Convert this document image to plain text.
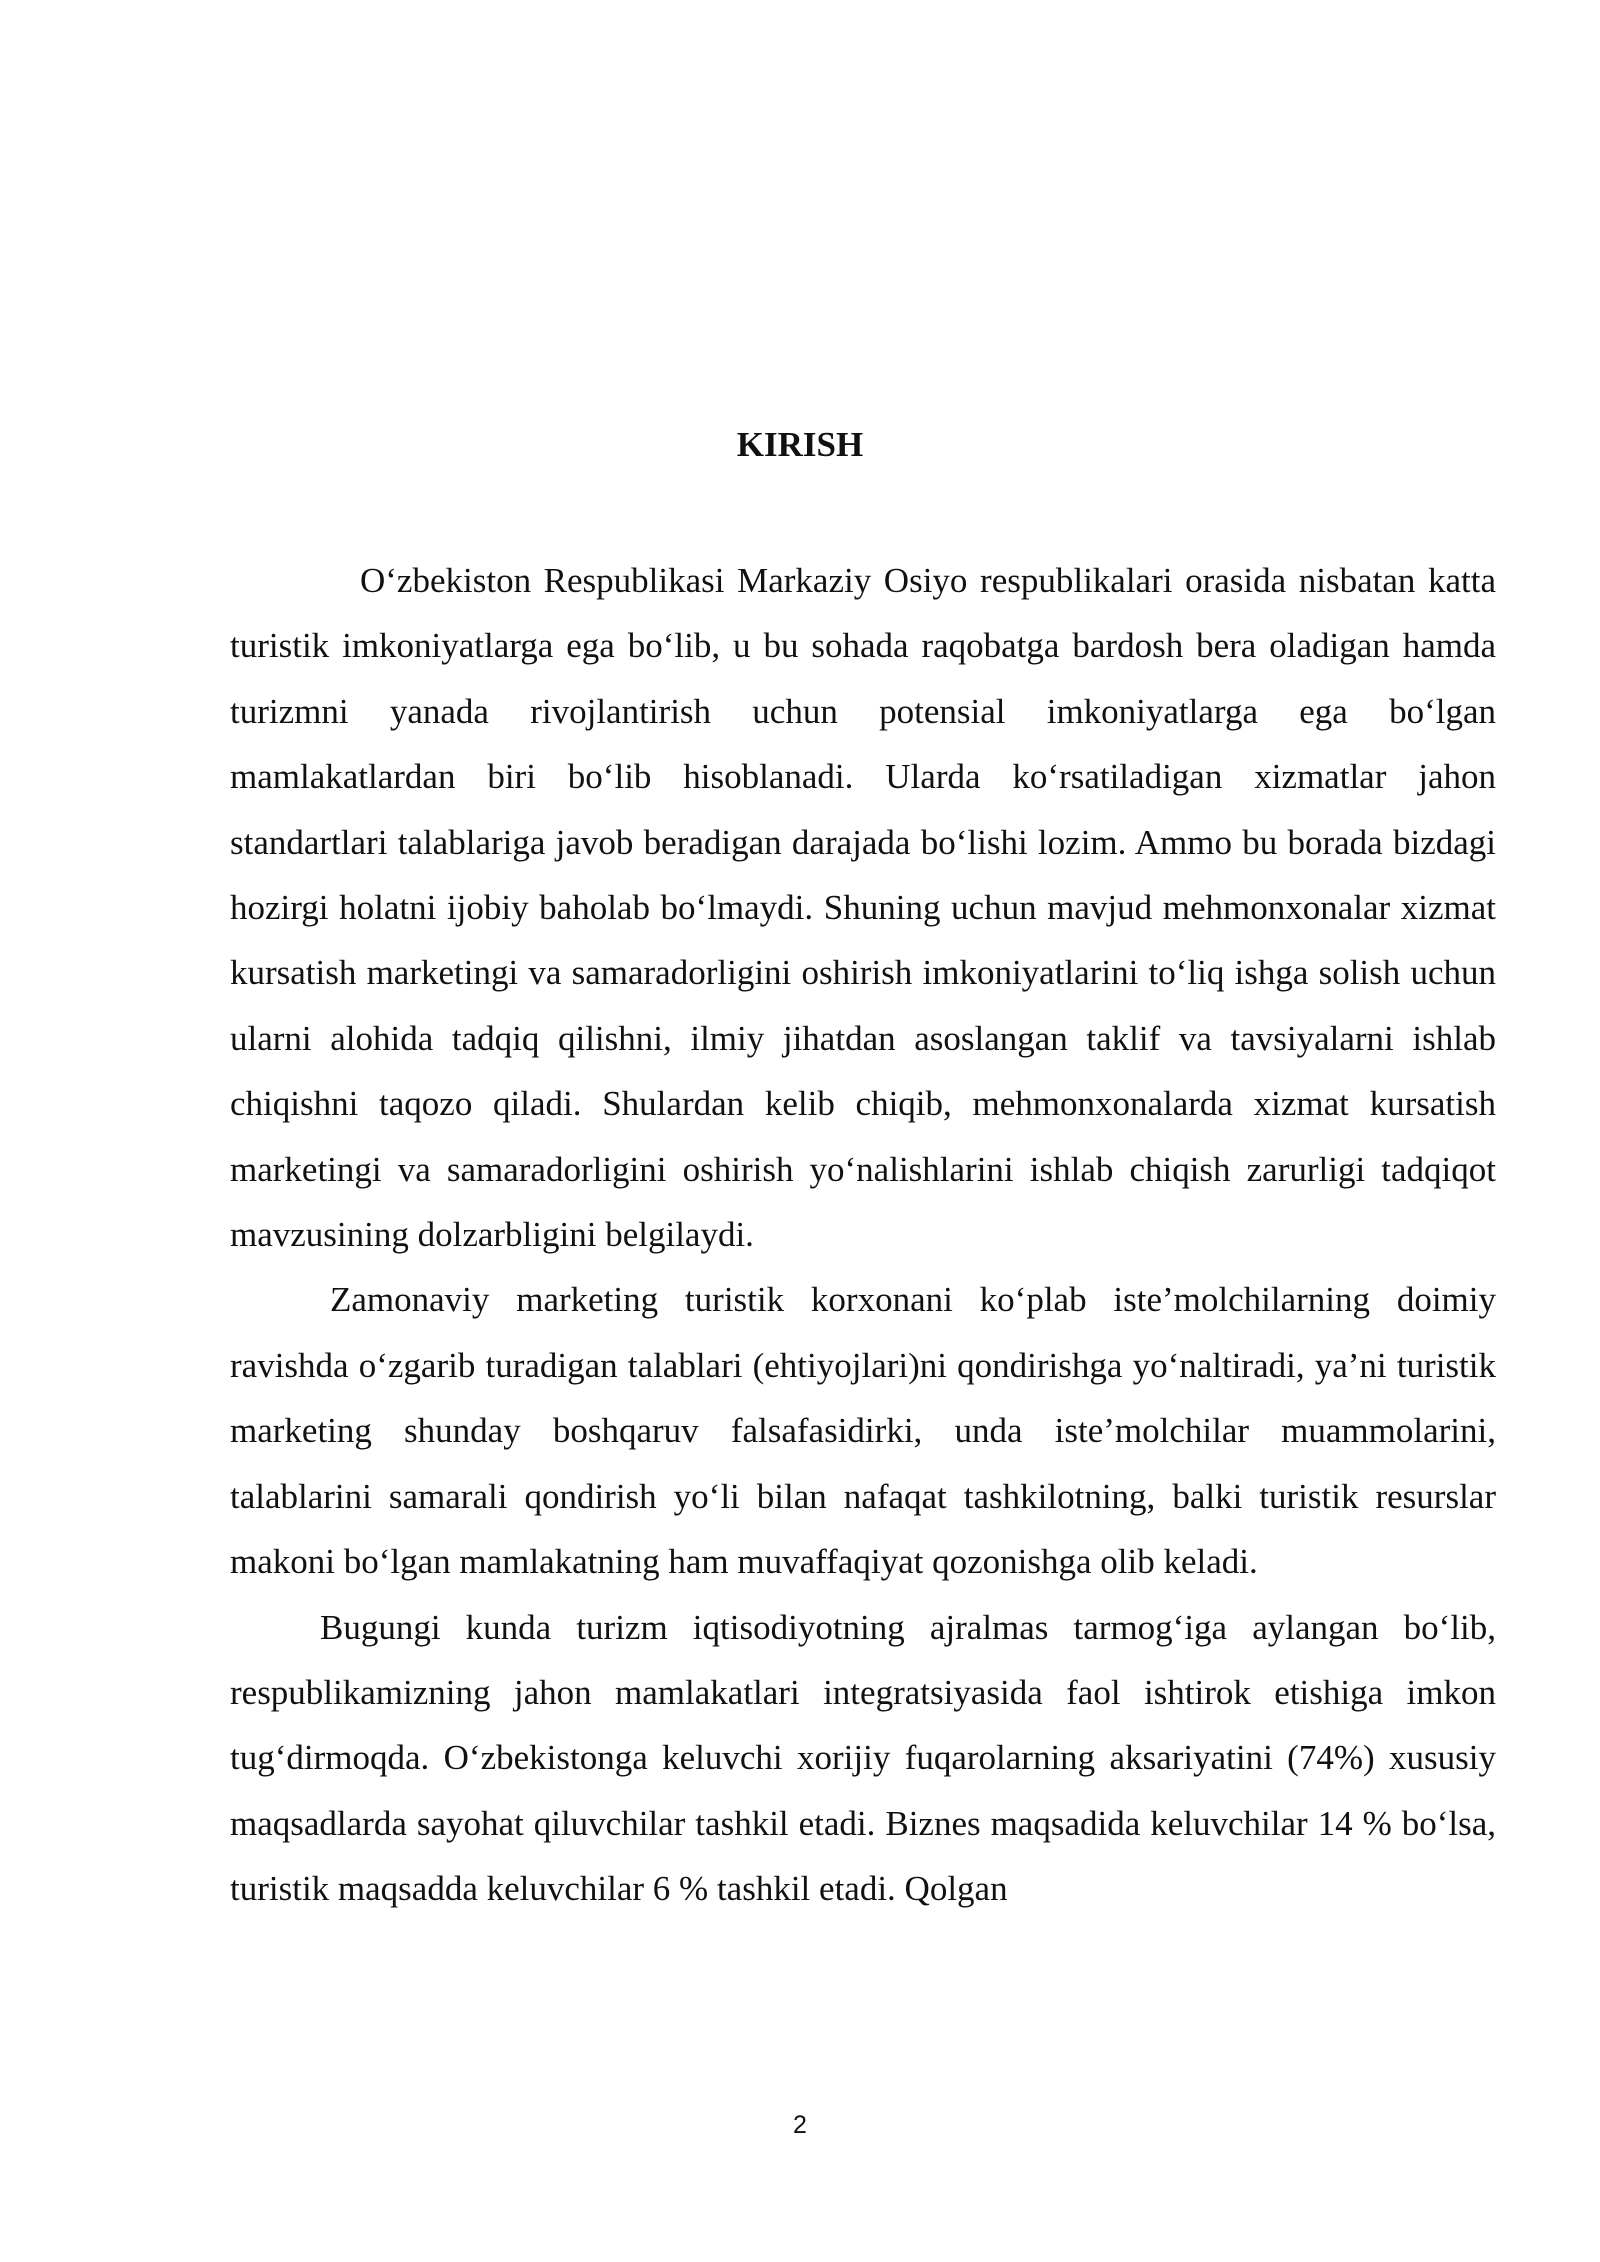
KIRISH

O‘zbekiston Respublikasi Markaziy Osiyo respublikalari orasida nisbatan katta turistik imkoniyatlarga ega bo‘lib, u bu sohada raqobatga bardosh bera oladigan hamda turizmni yanada rivojlantirish uchun potensial imkoniyatlarga ega bo‘lgan mamlakatlardan biri bo‘lib hisoblanadi. Ularda ko‘rsatiladigan xizmatlar jahon standartlari talablariga javob beradigan darajada bo‘lishi lozim. Ammo bu borada bizdagi hozirgi holatni ijobiy baholab bo‘lmaydi. Shuning uchun mavjud mehmonxonalar xizmat kursatish marketingi va samaradorligini oshirish imkoniyatlarini to‘liq ishga solish uchun ularni alohida tadqiq qilishni, ilmiy jihatdan asoslangan taklif va tavsiyalarni ishlab chiqishni taqozo qiladi. Shulardan kelib chiqib, mehmonxonalarda xizmat kursatish marketingi va samaradorligini oshirish yo‘nalishlarini ishlab chiqish zarurligi tadqiqot mavzusining dolzarbligini belgilaydi.

Zamonaviy marketing turistik korxonani ko‘plab iste’molchilarning doimiy ravishda o‘zgarib turadigan talablari (ehtiyojlari)ni qondirishga yo‘naltiradi, ya’ni turistik marketing shunday boshqaruv falsafasidirki, unda iste’molchilar muammolarini, talablarini samarali qondirish yo‘li bilan nafaqat tashkilotning, balki turistik resurslar makoni bo‘lgan mamlakatning ham muvaffaqiyat qozonishga olib keladi.

Bugungi kunda turizm iqtisodiyotning ajralmas tarmog‘iga aylangan bo‘lib, respublikamizning jahon mamlakatlari integratsiyasida faol ishtirok etishiga imkon tug‘dirmoqda. O‘zbekistonga keluvchi xorijiy fuqarolarning aksariyatini (74%) xususiy maqsadlarda sayohat qiluvchilar tashkil etadi. Biznes maqsadida keluvchilar 14 % bo‘lsa, turistik maqsadda keluvchilar 6 % tashkil etadi. Qolgan

2
